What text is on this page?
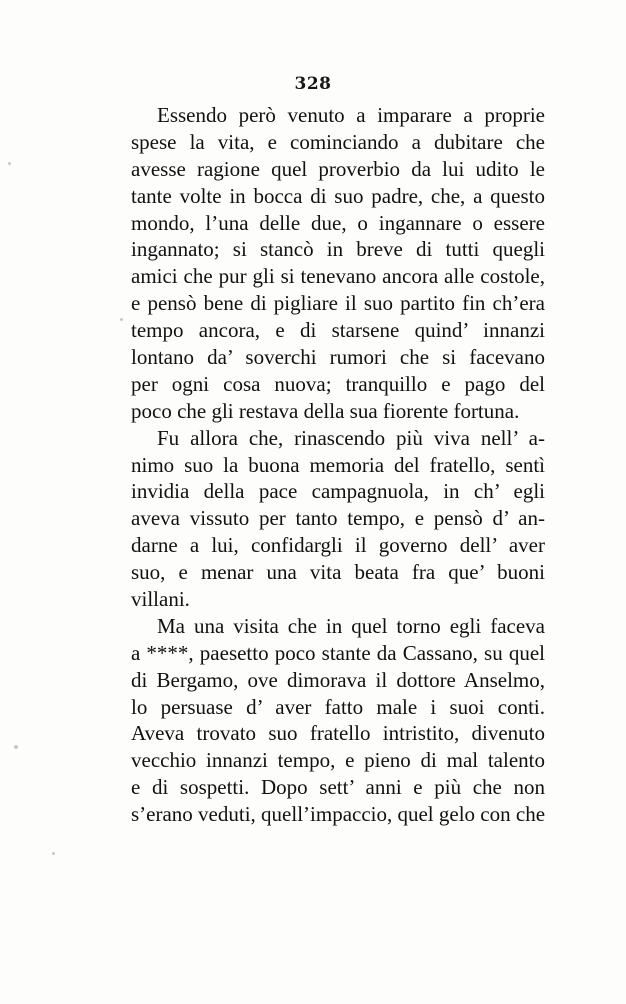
328
Essendo però venuto a imparare a proprie
spese la vita, e cominciando a dubitare che
avesse ragione quel proverbio da lui udito le
tante volte in bocca di suo padre, che, a questo
mondo, l’una delle due, o ingannare o essere
ingannato; si stancò in breve di tutti quegli
amici che pur gli si tenevano ancora alle costole,
e pensò bene di pigliare il suo partito fin ch’era
tempo ancora, e di starsene quind’ innanzi
lontano da’ soverchi rumori che si facevano
per ogni cosa nuova; tranquillo e pago del
poco che gli restava della sua fiorente fortuna.
Fu allora che, rinascendo più viva nell’ a-
nimo suo la buona memoria del fratello, sentì
invidia della pace campagnuola, in ch’ egli
aveva vissuto per tanto tempo, e pensò d’ an-
darne a lui, confidargli il governo dell’ aver
suo, e menar una vita beata fra que’ buoni
villani.
Ma una visita che in quel torno egli faceva
a ****, paesetto poco stante da Cassano, su quel
di Bergamo, ove dimorava il dottore Anselmo,
lo persuase d’ aver fatto male i suoi conti.
Aveva trovato suo fratello intristito, divenuto
vecchio innanzi tempo, e pieno di mal talento
e di sospetti. Dopo sett’ anni e più che non
s’erano veduti, quell’impaccio, quel gelo con che
